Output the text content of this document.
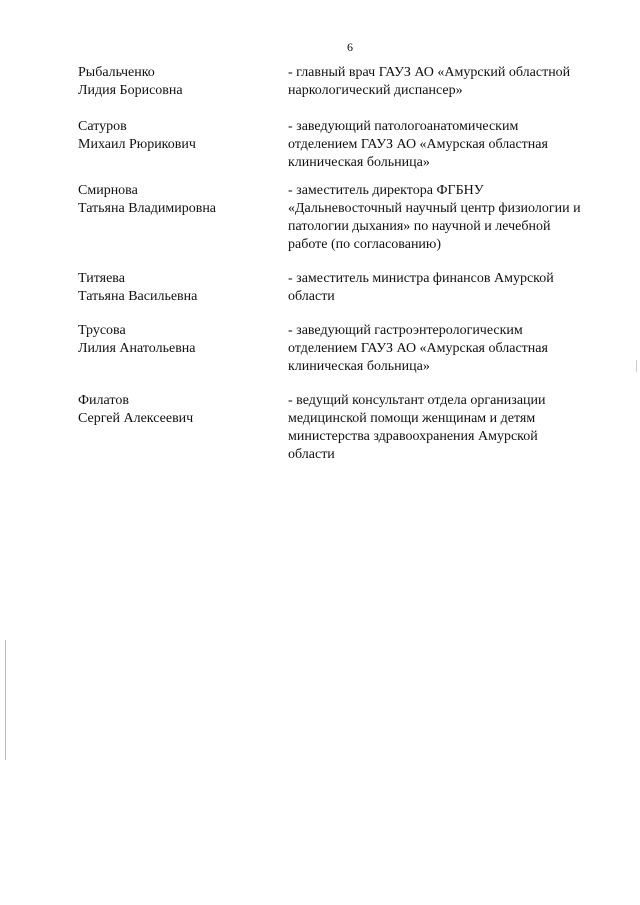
6
Рыбальченко
Лидия Борисовна
- главный врач ГАУЗ АО «Амурский областной
наркологический диспансер»
Сатуров
Михаил Рюрикович
- заведующий патологоанатомическим
отделением ГАУЗ АО «Амурская областная
клиническая больница»
Смирнова
Татьяна Владимировна
- заместитель директора ФГБНУ
«Дальневосточный научный центр физиологии и
патологии дыхания» по научной и лечебной
работе (по согласованию)
Титяева
Татьяна Васильевна
- заместитель министра финансов Амурской
области
Трусова
Лилия Анатольевна
- заведующий гастроэнтерологическим
отделением ГАУЗ АО «Амурская областная
клиническая больница»
Филатов
Сергей Алексеевич
- ведущий консультант отдела организации
медицинской помощи женщинам и детям
министерства здравоохранения Амурской
области
